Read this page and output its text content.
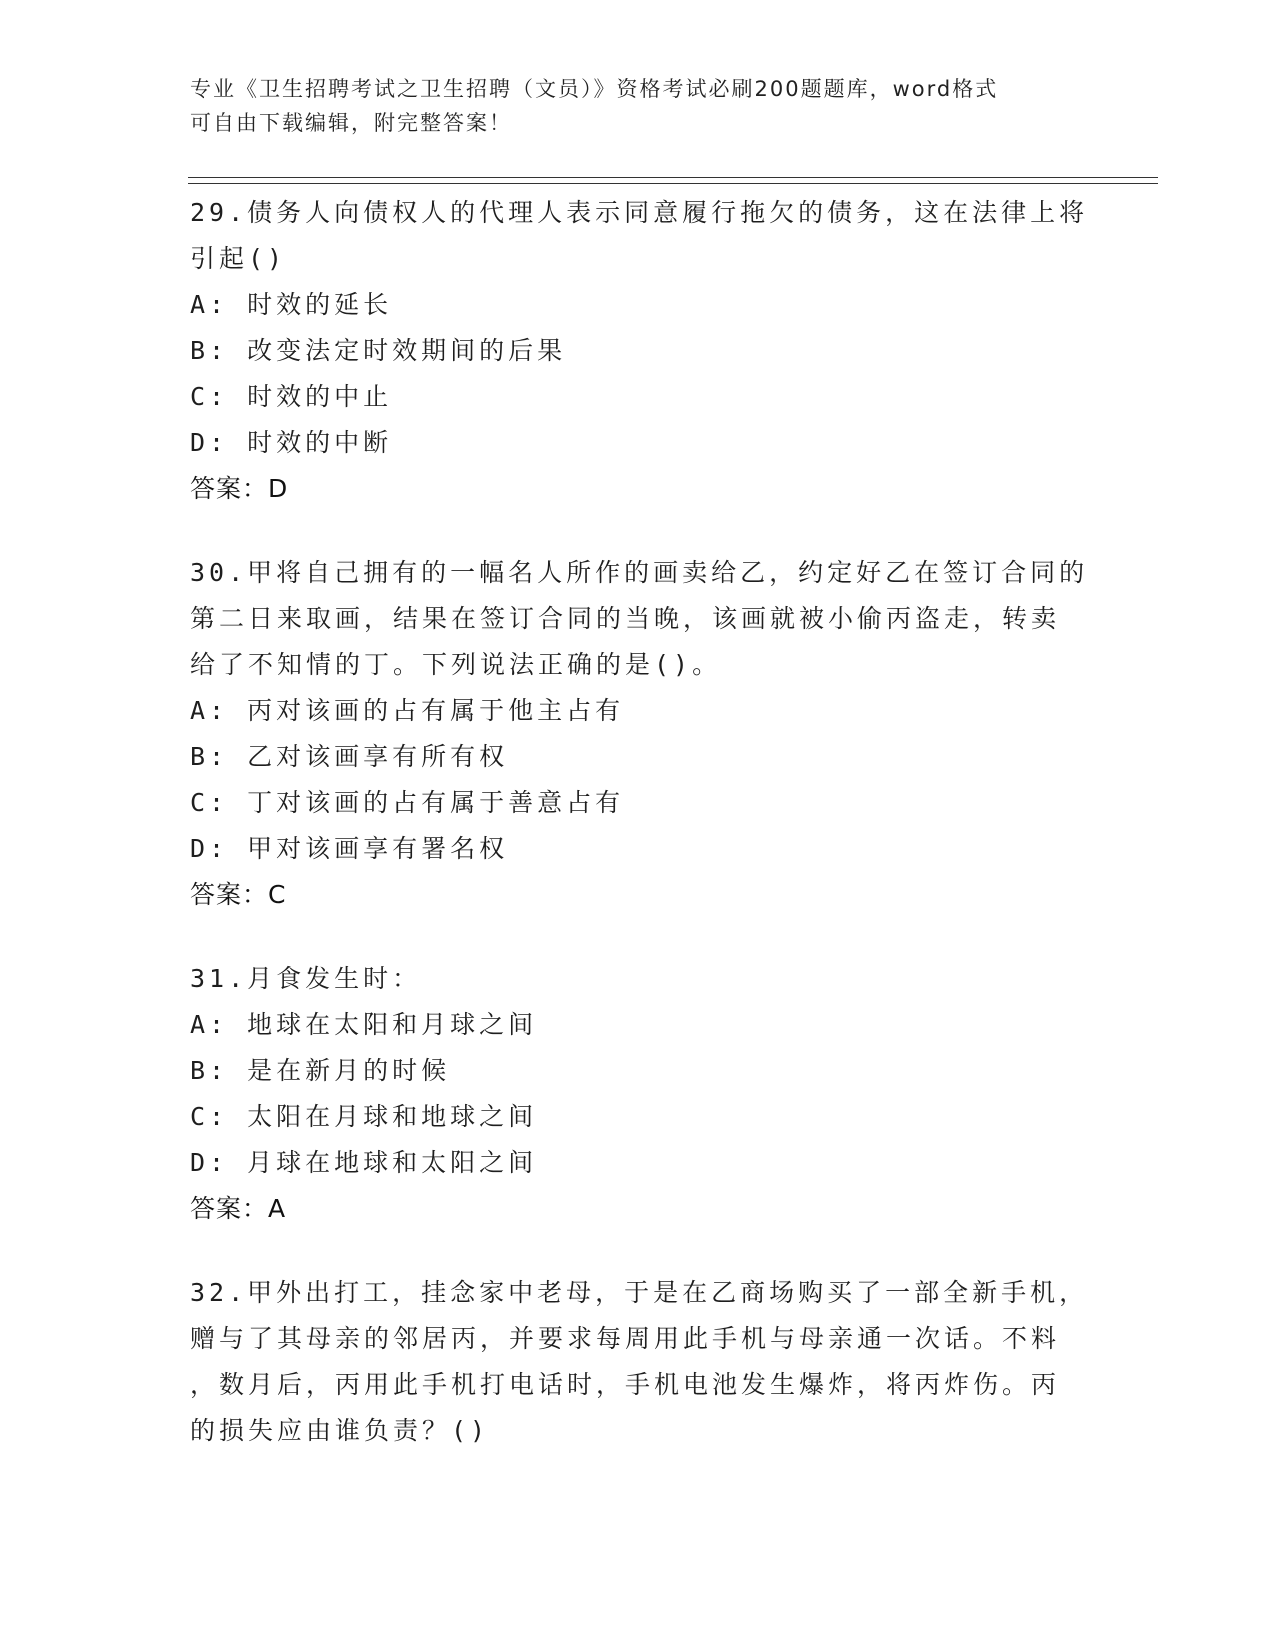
专业《卫生招聘考试之卫生招聘（文员）》资格考试必刷200题题库，word格式
可自由下载编辑，附完整答案！
29.债务人向债权人的代理人表示同意履行拖欠的债务，这在法律上将
引起()
A: 时效的延长
B: 改变法定时效期间的后果
C: 时效的中止
D: 时效的中断
答案：D
30.甲将自己拥有的一幅名人所作的画卖给乙，约定好乙在签订合同的
第二日来取画，结果在签订合同的当晚，该画就被小偷丙盗走，转卖
给了不知情的丁。下列说法正确的是()。
A: 丙对该画的占有属于他主占有
B: 乙对该画享有所有权
C: 丁对该画的占有属于善意占有
D: 甲对该画享有署名权
答案：C
31.月食发生时：
A: 地球在太阳和月球之间
B: 是在新月的时候
C: 太阳在月球和地球之间
D: 月球在地球和太阳之间
答案：A
32.甲外出打工，挂念家中老母，于是在乙商场购买了一部全新手机，
赠与了其母亲的邻居丙，并要求每周用此手机与母亲通一次话。不料
，数月后，丙用此手机打电话时，手机电池发生爆炸，将丙炸伤。丙
的损失应由谁负责？()
